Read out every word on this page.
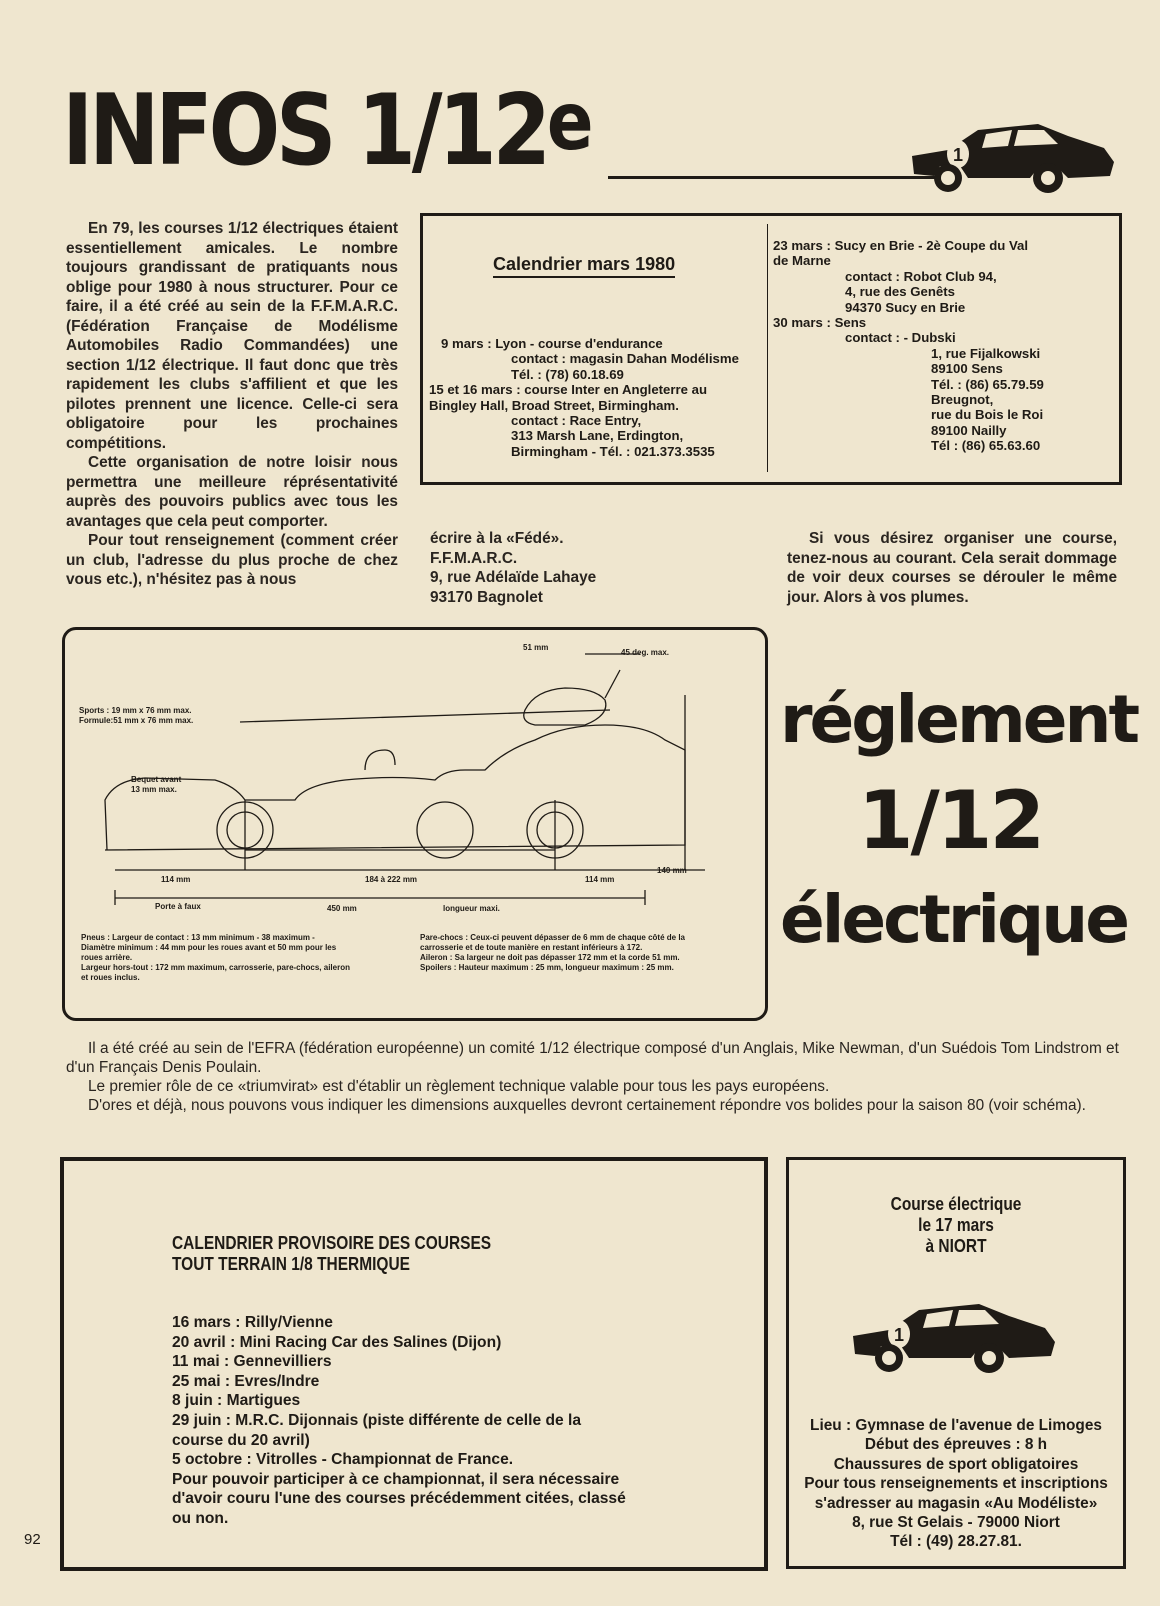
INFOS 1/12e	1

En 79, les courses 1/12 électriques étaient essentiellement amicales. Le nombre toujours grandissant de pratiquants nous oblige pour 1980 à nous structurer. Pour ce faire, il a été créé au sein de la F.F.M.A.R.C. (Fédération Française de Modélisme Automobiles Radio Commandées) une section 1/12 électrique. Il faut donc que très rapidement les clubs s'affilient et que les pilotes prennent une licence. Celle-ci sera obligatoire pour les prochaines compétitions.

Cette organisation de notre loisir nous permettra une meilleure réprésentativité auprès des pouvoirs publics avec tous les avantages que cela peut comporter.

Pour tout renseignement (comment créer un club, l'adresse du plus proche de chez vous etc.), n'hésitez pas à nous

Calendrier mars 1980
9 mars : Lyon - course d'endurance
contact : magasin Dahan Modélisme
Tél. : (78) 60.18.69
15 et 16 mars : course Inter en Angleterre au
Bingley Hall, Broad Street, Birmingham.
contact : Race Entry,
313 Marsh Lane, Erdington,
Birmingham - Tél. : 021.373.3535
23 mars : Sucy en Brie - 2è Coupe du Val
de Marne
contact : Robot Club 94,
4, rue des Genêts
94370 Sucy en Brie
30 mars : Sens
contact : - Dubski
1, rue Fijalkowski
89100 Sens
Tél. : (86) 65.79.59
Breugnot,
rue du Bois le Roi
89100 Nailly
Tél : (86) 65.63.60
écrire à la «Fédé».
F.F.M.A.R.C.
9, rue Adélaïde Lahaye
93170 Bagnolet

Si vous désirez organiser une course, tenez-nous au courant. Cela serait dommage de voir deux courses se dérouler le même jour. Alors à vos plumes.

Sports : 19 mm x 76 mm max.
Formule:51 mm x 76 mm max.
Bequet avant
13 mm max.
51 mm
45 deg. max.
114 mm	184 à 222 mm	114 mm
140 mm
Porte à faux	450 mm	longueur maxi.
Pneus : Largeur de contact : 13 mm minimum - 38 maximum -
Diamètre minimum : 44 mm pour les roues avant et 50 mm pour les
roues arrière.
Largeur hors-tout : 172 mm maximum, carrosserie, pare-chocs, aileron
et roues inclus.
Pare-chocs : Ceux-ci peuvent dépasser de 6 mm de chaque côté de la
carrosserie et de toute manière en restant inférieurs à 172.
Aileron : Sa largeur ne doit pas dépasser 172 mm et la corde 51 mm.
Spoilers : Hauteur maximum : 25 mm, longueur maximum : 25 mm.
réglement
1/12
électrique
Il a été créé au sein de l'EFRA (fédération européenne) un comité 1/12 électrique composé d'un Anglais, Mike Newman, d'un Suédois Tom Lindstrom et d'un Français Denis Poulain.
Le premier rôle de ce «triumvirat» est d'établir un règlement technique valable pour tous les pays européens.
D'ores et déjà, nous pouvons vous indiquer les dimensions auxquelles devront certainement répondre vos bolides pour la saison 80 (voir schéma).
CALENDRIER PROVISOIRE DES COURSES
TOUT TERRAIN 1/8 THERMIQUE
16 mars : Rilly/Vienne
20 avril : Mini Racing Car des Salines (Dijon)
11 mai : Gennevilliers
25 mai : Evres/Indre
8 juin : Martigues
29 juin : M.R.C. Dijonnais (piste différente de celle de la
course du 20 avril)
5 octobre : Vitrolles - Championnat de France.
Pour pouvoir participer à ce championnat, il sera nécessaire
d'avoir couru l'une des courses précédemment citées, classé
ou non.
Course électrique
le 17 mars
à NIORT
1
Lieu : Gymnase de l'avenue de Limoges
Début des épreuves : 8 h
Chaussures de sport obligatoires
Pour tous renseignements et inscriptions
s'adresser au magasin «Au Modéliste»
8, rue St Gelais - 79000 Niort
Tél : (49) 28.27.81.
92
